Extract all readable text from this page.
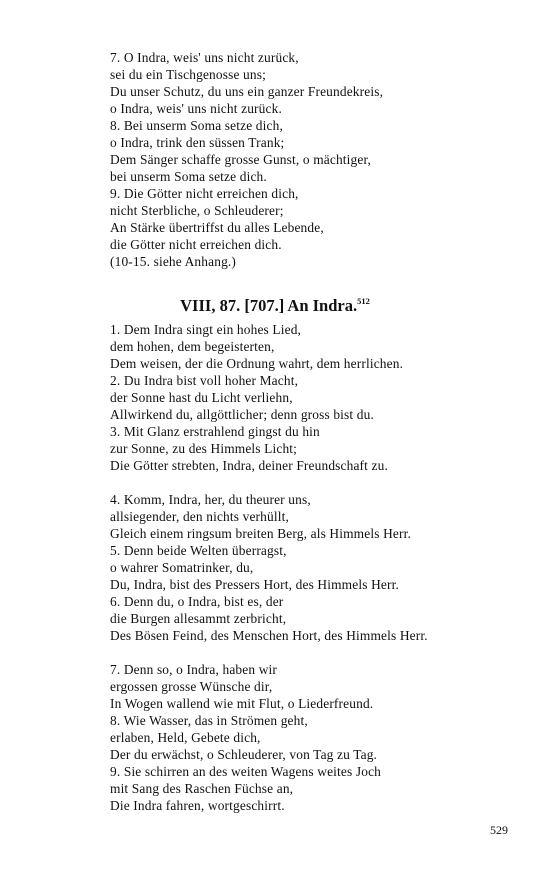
7. O Indra, weis' uns nicht zurück,
sei du ein Tischgenosse uns;
Du unser Schutz, du uns ein ganzer Freundekreis,
o Indra, weis' uns nicht zurück.
8. Bei unserm Soma setze dich,
o Indra, trink den süssen Trank;
Dem Sänger schaffe grosse Gunst, o mächtiger,
bei unserm Soma setze dich.
9. Die Götter nicht erreichen dich,
nicht Sterbliche, o Schleuderer;
An Stärke übertriffst du alles Lebende,
die Götter nicht erreichen dich.
(10-15. siehe Anhang.)
VIII, 87. [707.] An Indra.$^{512}$
1. Dem Indra singt ein hohes Lied,
dem hohen, dem begeisterten,
Dem weisen, der die Ordnung wahrt, dem herrlichen.
2. Du Indra bist voll hoher Macht,
der Sonne hast du Licht verliehn,
Allwirkend du, allgöttlicher; denn gross bist du.
3. Mit Glanz erstrahlend gingst du hin
zur Sonne, zu des Himmels Licht;
Die Götter strebten, Indra, deiner Freundschaft zu.
4. Komm, Indra, her, du theurer uns,
allsiegender, den nichts verhüllt,
Gleich einem ringsum breiten Berg, als Himmels Herr.
5. Denn beide Welten überragst,
o wahrer Somatrinker, du,
Du, Indra, bist des Pressers Hort, des Himmels Herr.
6. Denn du, o Indra, bist es, der
die Burgen allesammt zerbricht,
Des Bösen Feind, des Menschen Hort, des Himmels Herr.
7. Denn so, o Indra, haben wir
ergossen grosse Wünsche dir,
In Wogen wallend wie mit Flut, o Liederfreund.
8. Wie Wasser, das in Strömen geht,
erlaben, Held, Gebete dich,
Der du erwächst, o Schleuderer, von Tag zu Tag.
9. Sie schirren an des weiten Wagens weites Joch
mit Sang des Raschen Füchse an,
Die Indra fahren, wortgeschirrt.
529
